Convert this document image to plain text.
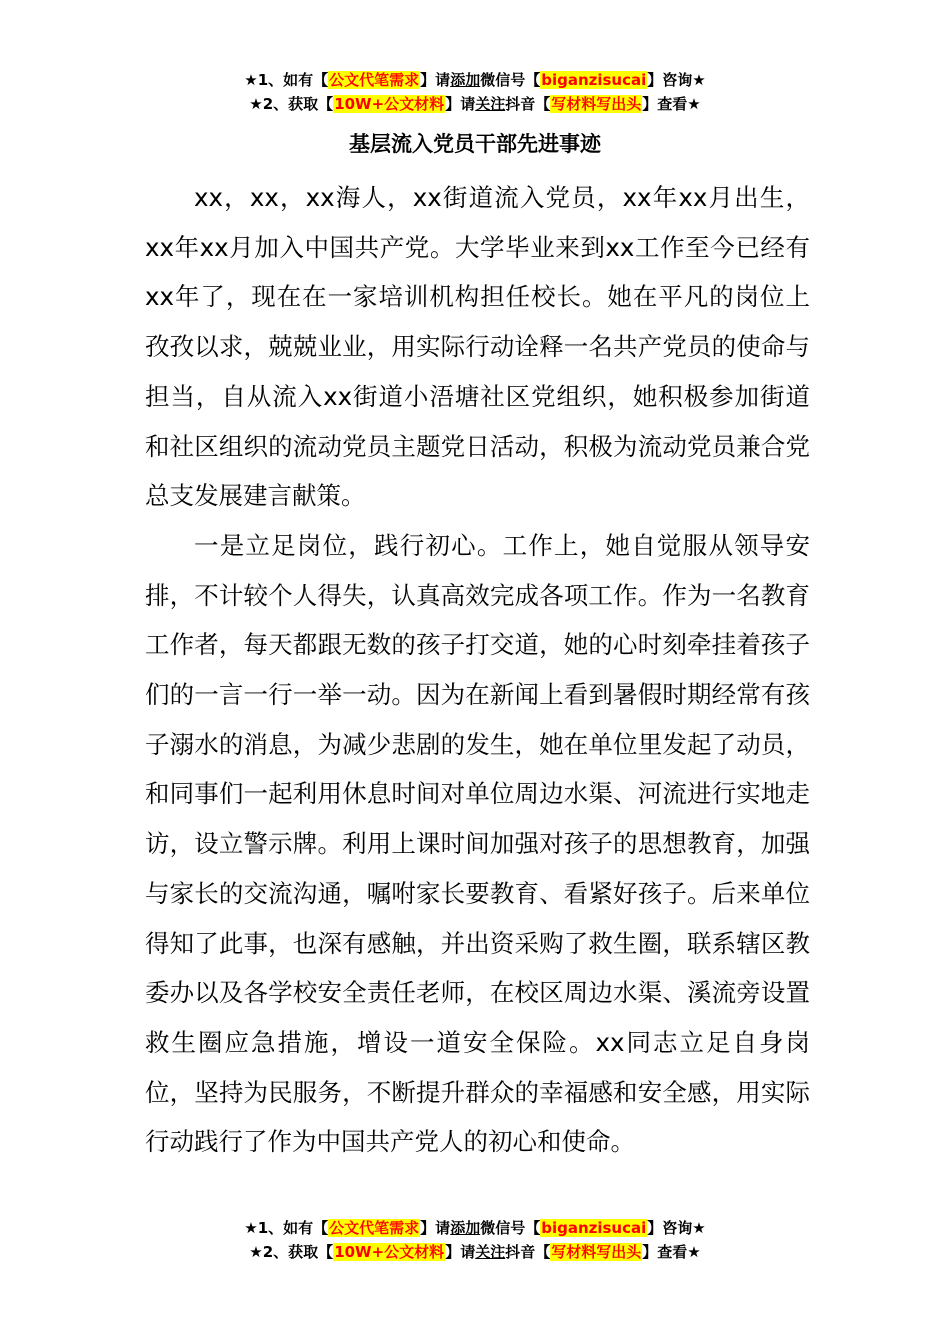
★1、如有【公文代笔需求】请添加微信号【biganzisucai】咨询★
★2、获取【10W+公文材料】请关注抖音【写材料写出头】查看★
基层流入党员干部先进事迹

xx，xx，xx海人，xx街道流入党员，xx年xx月出生，xx年xx月加入中国共产党。大学毕业来到xx工作至今已经有xx年了，现在在一家培训机构担任校长。她在平凡的岗位上孜孜以求，兢兢业业，用实际行动诠释一名共产党员的使命与担当，自从流入xx街道小浯塘社区党组织，她积极参加街道和社区组织的流动党员主题党日活动，积极为流动党员兼合党总支发展建言献策。

一是立足岗位，践行初心。工作上，她自觉服从领导安排，不计较个人得失，认真高效完成各项工作。作为一名教育工作者，每天都跟无数的孩子打交道，她的心时刻牵挂着孩子们的一言一行一举一动。因为在新闻上看到暑假时期经常有孩子溺水的消息，为减少悲剧的发生，她在单位里发起了动员，和同事们一起利用休息时间对单位周边水渠、河流进行实地走访，设立警示牌。利用上课时间加强对孩子的思想教育，加强与家长的交流沟通，嘱咐家长要教育、看紧好孩子。后来单位得知了此事，也深有感触，并出资采购了救生圈，联系辖区教委办以及各学校安全责任老师，在校区周边水渠、溪流旁设置救生圈应急措施，增设一道安全保险。xx同志立足自身岗位，坚持为民服务，不断提升群众的幸福感和安全感，用实际行动践行了作为中国共产党人的初心和使命。

★1、如有【公文代笔需求】请添加微信号【biganzisucai】咨询★
★2、获取【10W+公文材料】请关注抖音【写材料写出头】查看★
